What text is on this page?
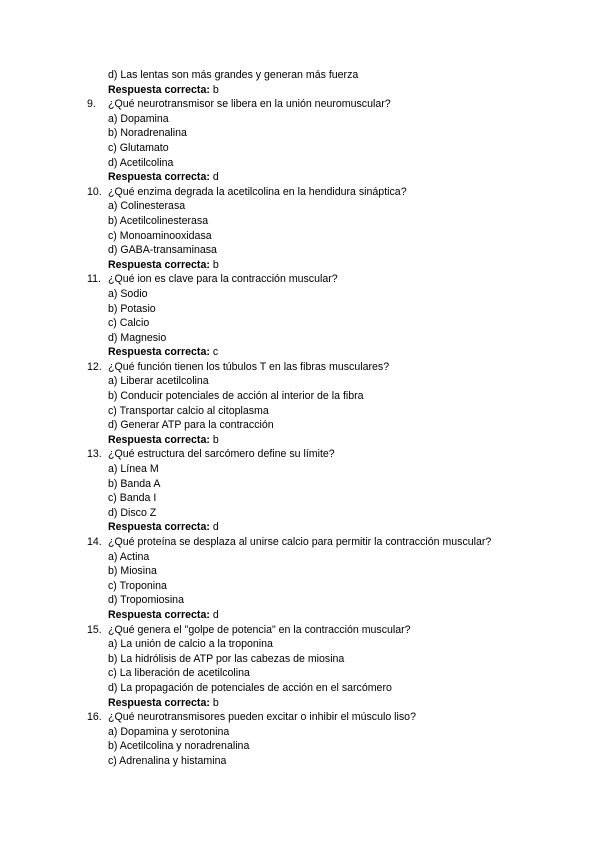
d) Las lentas son más grandes y generan más fuerza
Respuesta correcta: b
9.	¿Qué neurotransmisor se libera en la unión neuromuscular?
a) Dopamina
b) Noradrenalina
c) Glutamato
d) Acetilcolina
Respuesta correcta: d
10. ¿Qué enzima degrada la acetilcolina en la hendidura sináptica?
a) Colinesterasa
b) Acetilcolinesterasa
c) Monoaminooxidasa
d) GABA-transaminasa
Respuesta correcta: b
11. ¿Qué ion es clave para la contracción muscular?
a) Sodio
b) Potasio
c) Calcio
d) Magnesio
Respuesta correcta: c
12. ¿Qué función tienen los túbulos T en las fibras musculares?
a) Liberar acetilcolina
b) Conducir potenciales de acción al interior de la fibra
c) Transportar calcio al citoplasma
d) Generar ATP para la contracción
Respuesta correcta: b
13. ¿Qué estructura del sarcómero define su límite?
a) Línea M
b) Banda A
c) Banda I
d) Disco Z
Respuesta correcta: d
14. ¿Qué proteína se desplaza al unirse calcio para permitir la contracción muscular?
a) Actina
b) Miosina
c) Troponina
d) Tropomiosina
Respuesta correcta: d
15. ¿Qué genera el "golpe de potencia" en la contracción muscular?
a) La unión de calcio a la troponina
b) La hidrólisis de ATP por las cabezas de miosina
c) La liberación de acetilcolina
d) La propagación de potenciales de acción en el sarcómero
Respuesta correcta: b
16. ¿Qué neurotransmisores pueden excitar o inhibir el músculo liso?
a) Dopamina y serotonina
b) Acetilcolina y noradrenalina
c) Adrenalina y histamina
